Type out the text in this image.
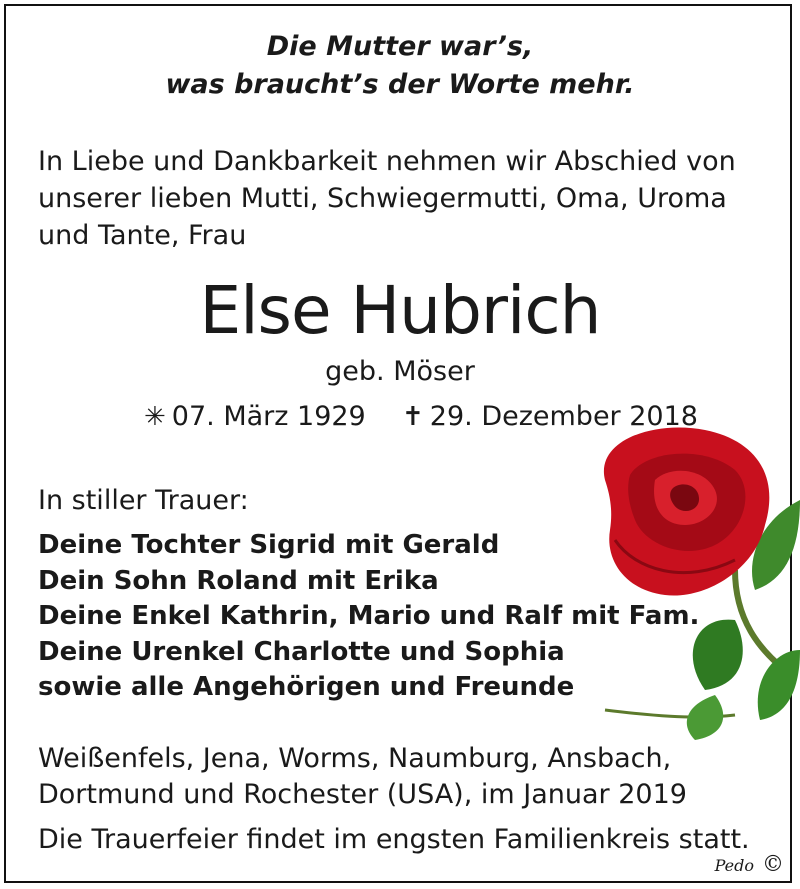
Die Mutter war’s,
was braucht’s der Worte mehr.
In Liebe und Dankbarkeit nehmen wir Abschied von unserer lieben Mutti, Schwiegermutti, Oma, Uroma und Tante, Frau
Else Hubrich
geb. Möser
✳ 07. März 1929 ✝ 29. Dezember 2018
In stiller Trauer:
Deine Tochter Sigrid mit Gerald
Dein Sohn Roland mit Erika
Deine Enkel Kathrin, Mario und Ralf mit Fam.
Deine Urenkel Charlotte und Sophia
sowie alle Angehörigen und Freunde
Weißenfels, Jena, Worms, Naumburg, Ansbach, Dortmund und Rochester (USA), im Januar 2019
Die Trauerfeier findet im engsten Familienkreis statt.
Pedo ©
